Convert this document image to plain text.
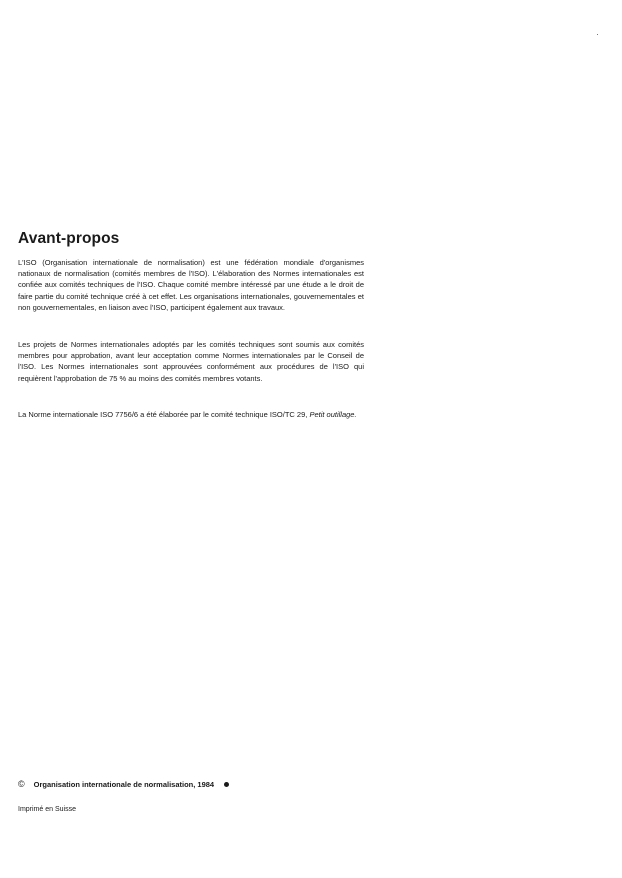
Avant-propos

L'ISO (Organisation internationale de normalisation) est une fédération mondiale d'organismes nationaux de normalisation (comités membres de l'ISO). L'élaboration des Normes internationales est confiée aux comités techniques de l'ISO. Chaque comité membre intéressé par une étude a le droit de faire partie du comité technique créé à cet effet. Les organisations internationales, gouvernementales et non gouvernementales, en liaison avec l'ISO, participent également aux travaux.

Les projets de Normes internationales adoptés par les comités techniques sont soumis aux comités membres pour approbation, avant leur acceptation comme Normes internationales par le Conseil de l'ISO. Les Normes internationales sont approuvées conformément aux procédures de l'ISO qui requièrent l'approbation de 75 % au moins des comités membres votants.

La Norme internationale ISO 7756/6 a été élaborée par le comité technique ISO/TC 29, Petit outillage.

© Organisation internationale de normalisation, 1984
Imprimé en Suisse
